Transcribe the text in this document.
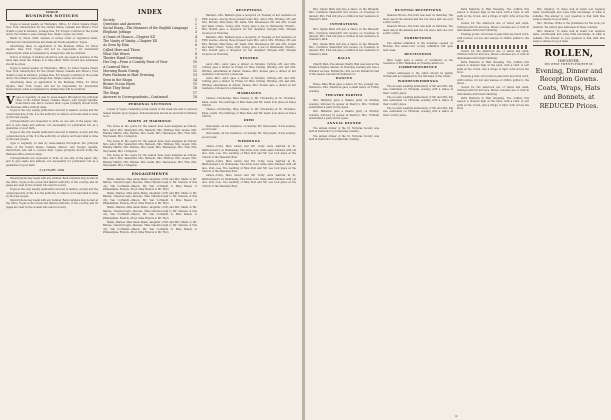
VOGUE
BUSINESS NOTICES

Vogue is issued weekly on Thursdays. Office, 61 Union Square (West) New York. Subscription for the United States, Canada and Mexico, Four dollars a year in advance, postage free. For foreign countries in the postal union, five dollars a year, postage free. Single copies, ten cents.

Remit by check, draft, express or money order or registered letter. Address all communications and make all checks payable to Vogue.

Advertising rates on application to the Business Office, 61 Union Square, New York. Vogue will not be responsible for unsolicited manuscripts; when accompanied by stamps they will be returned.

Notice of change of address should be sent one week in advance of the issue date when the change is to take effect. Both old and new addresses should be given.

Vogue is issued weekly on Thursdays. Office, 61 Union Square (West) New York. Subscription for the United States, Canada and Mexico, Four dollars a year in advance, postage free. For foreign countries in the postal union, five dollars a year, postage free. Single copies, ten cents.

Advertising rates on application to the Business Office, 61 Union Square, New York. Vogue will not be responsible for unsolicited manuscripts; when accompanied by stamps they will be returned.

V ogue is regularly on sale by news-dealers throughout the principal cities of the United States, Canada, Mexico, and foreign capitals. Subscribers who fail to receive their copies promptly should notify the Business Office without delay.

Vogue is the only weekly publication devoted to fashion, society and the ceremonial side of life. It is the authority on what is worn and what is done by the best people.

Correspondents are requested to write on one side of the paper only, and to give name and address, not necessarily for publication but as a guarantee of good faith.

Vogue is the only weekly publication devoted to fashion, society and the ceremonial side of life. It is the authority on what is worn and what is done by the best people.

ogue is regularly on sale by news-dealers throughout the principal cities of the United States, Canada, Mexico, and foreign capitals. Subscribers who fail to receive their copies promptly should notify the Business Office without delay.

Correspondents are requested to write on one side of the paper only, and to give name and address, not necessarily for publication but as a guarantee of good faith.

6 JANUARY, 1894

Subscriptions may begin with any number. Back numbers may be had at the office. Vogue is the social and fashion authority of the country, and its pages are read by the women who lead in society.

Vogue is the only weekly publication devoted to fashion, society and the ceremonial side of life. It is the authority on what is worn and what is done by the best people.

Subscriptions may begin with any number. Back numbers may be had at the office. Vogue is the social and fashion authority of the country, and its pages are read by the women who lead in society.

INDEX
Society	1
Questions and Answers	2
Social Essay—The Manners of the English Language 2
Elephant Jottings	3
A Game of Chance—Chapter XII	4
The Vanity of Vanity—Chapter XII	5
As Seen by Him	6
Called Here and There	7
What She Wears	8
Theatre Hand Coverings	9
Her Day—From a Comedy Point of View	10
A Carnival Wire	11
Morning Room Gossip	12
Paris Fashions in Hair Dressing	13
Seen in the Shops	14
Bruins Ocean Haste	15
What They Read	16
The Stage	17
Answers to Correspondents—Continued	18
PERSONAL SECTIONS

Copies of Vogue containing social events of the week are sent to persons named therein upon request. Announcements should be sent before Monday noon.

BOXES AT HARMONIC

The boxes at the opera for the season have been assigned as follows. Mrs. Astor, Mrs. Vanderbilt, Mrs. Belmont, Mrs. Whitney, Mrs. Goelet, Mrs. Bradley Martin, Mrs. Burden, Mrs. Iselin, Mrs. Havemeyer, Mrs. Fish, Mrs. Stuyvesant, Mrs. Livingston.

The boxes at the opera for the season have been assigned as follows. Mrs. Astor, Mrs. Vanderbilt, Mrs. Belmont, Mrs. Whitney, Mrs. Goelet, Mrs. Bradley Martin, Mrs. Burden, Mrs. Iselin, Mrs. Havemeyer, Mrs. Fish, Mrs. Stuyvesant, Mrs. Livingston.

The boxes at the opera for the season have been assigned as follows. Mrs. Astor, Mrs. Vanderbilt, Mrs. Belmont, Mrs. Whitney, Mrs. Goelet, Mrs. Bradley Martin, Mrs. Burden, Mrs. Iselin, Mrs. Havemeyer, Mrs. Fish, Mrs. Stuyvesant, Mrs. Livingston.

ENGAGEMENTS

Mann—Barnes. Miss Annie Mann, daughter of Mr. and Mrs. Mann, to Mr. Barnes. Clauzborough—Stevens. Miss Clauzborough to Mr. Stevens of this city. Van Cortlandt—Mason. Mr. Van Cortlandt to Miss Mason of Philadelphia. Francis—Hoyt. Miss Francis to Mr. Hoyt.

Mann—Barnes. Miss Annie Mann, daughter of Mr. and Mrs. Mann, to Mr. Barnes. Clauzborough—Stevens. Miss Clauzborough to Mr. Stevens of this city. Van Cortlandt—Mason. Mr. Van Cortlandt to Miss Mason of Philadelphia. Francis—Hoyt. Miss Francis to Mr. Hoyt.

Mann—Barnes. Miss Annie Mann, daughter of Mr. and Mrs. Mann, to Mr. Barnes. Clauzborough—Stevens. Miss Clauzborough to Mr. Stevens of this city. Van Cortlandt—Mason. Mr. Van Cortlandt to Miss Mason of Philadelphia. Francis—Hoyt. Miss Francis to Mr. Hoyt.

Mann—Barnes. Miss Annie Mann, daughter of Mr. and Mrs. Mann, to Mr. Barnes. Clauzborough—Stevens. Miss Clauzborough to Mr. Stevens of this city. Van Cortlandt—Mason. Mr. Van Cortlandt to Miss Mason of Philadelphia. Francis—Hoyt. Miss Francis to Mr. Hoyt.

RECEPTIONS

Baldwin—Mrs. Baldwin gave a reception on Tuesday at her residence in Fifth Avenue. Among those present were Mrs. Astor, Mrs. Whitney, Mr. and Mrs. Burden, Miss Kane, Mr. Iselin, Mrs. Havemeyer, Mr. and Mrs. Goelet and many others. Young—Mrs. Young gave a tea on Wednesday. Hewitt—Mrs. Hewitt gave a reception for her daughter. Morgan—Mrs. Morgan received on Thursday.

Baldwin—Mrs. Baldwin gave a reception on Tuesday at her residence in Fifth Avenue. Among those present were Mrs. Astor, Mrs. Whitney, Mr. and Mrs. Burden, Miss Kane, Mr. Iselin, Mrs. Havemeyer, Mr. and Mrs. Goelet and many others. Young—Mrs. Young gave a tea on Wednesday. Hewitt—Mrs. Hewitt gave a reception for her daughter. Morgan—Mrs. Morgan received on Thursday.

DINNERS

Astor—Mrs. Astor gave a dinner on Monday. Cutting—Mr. and Mrs. Cutting gave a dinner on Friday for Miss Cutting. Whitney—Mr. and Mrs. Whitney entertained at dinner. Sloane—Mrs. Sloane gave a dinner at her residence, followed by a musicale.

Astor—Mrs. Astor gave a dinner on Monday. Cutting—Mr. and Mrs. Cutting gave a dinner on Friday for Miss Cutting. Whitney—Mr. and Mrs. Whitney entertained at dinner. Sloane—Mrs. Sloane gave a dinner at her residence, followed by a musicale.

MARRIAGES

Cheney—Chickering. Miss Cheney to Mr. Chickering at St. Thomas's. Kane—Iselin. The marriage of Miss Kane and Mr. Iselin took place at Grace Church.

Cheney—Chickering. Miss Cheney to Mr. Chickering at St. Thomas's. Kane—Iselin. The marriage of Miss Kane and Mr. Iselin took place at Grace Church.

DIED

Stuyvesant—At his residence, on Sunday, Mr. Stuyvesant, in his seventy-second year.

Stuyvesant—At his residence, on Sunday, Mr. Stuyvesant, in his seventy-second year.

WEDDINGS

Alston—Colby. Miss Alston and Mr. Colby were married at St. Bartholomew's on Wednesday. The bride wore white satin trimmed with old lace. Post—Lee. The wedding of Miss Post and Mr. Lee took place at the Church of the Heavenly Rest.

Alston—Colby. Miss Alston and Mr. Colby were married at St. Bartholomew's on Wednesday. The bride wore white satin trimmed with old lace. Post—Lee. The wedding of Miss Post and Mr. Lee took place at the Church of the Heavenly Rest.

Alston—Colby. Miss Alston and Mr. Colby were married at St. Bartholomew's on Wednesday. The bride wore white satin trimmed with old lace. Post—Lee. The wedding of Miss Post and Mr. Lee took place at the Church of the Heavenly Rest.

Mrs. Ogden Mills will give a dance on the fifteenth. Mrs. Cornelius Vanderbilt will receive on Tuesdays in January. Mrs. Fish will give a cotillion at her residence in Gramercy Park.

INTIMATIONS

Mrs. Ogden Mills will give a dance on the fifteenth. Mrs. Cornelius Vanderbilt will receive on Tuesdays in January. Mrs. Fish will give a cotillion at her residence in Gramercy Park.

Mrs. Ogden Mills will give a dance on the fifteenth. Mrs. Cornelius Vanderbilt will receive on Tuesdays in January. Mrs. Fish will give a cotillion at her residence in Gramercy Park.

BALLS

Charity Ball—The annual Charity Ball was held at the Madison Square Garden on Thursday evening and was a brilliant success. Patriarchs—The second Patriarchs ball of the season was held at Delmonico's.

DANCES

Rives—Miss Rives gave a dance for the younger set. Dinsmore—Mrs. Dinsmore gave a small dance on Friday evening.

THEATRE PARTIES

Mrs. Hamilton gave a theatre party on Monday evening, followed by supper at Sherry's. Mrs. Turnbull entertained a party at the opera.

Mrs. Hamilton gave a theatre party on Monday evening, followed by supper at Sherry's. Mrs. Turnbull entertained a party at the opera.

ANNUAL DINNER

The annual dinner of the St. Nicholas Society was held at Delmonico's on Saturday evening.

The annual dinner of the St. Nicholas Society was held at Delmonico's on Saturday evening.

HUNTING RECEPTIONS

Meadow Brook—The hunt was held on Saturday. The meet was at the kennels and the run was a fast one over a stiff country.

Meadow Brook—The hunt was held on Saturday. The meet was at the kennels and the run was a fast one over a stiff country.

EXHIBITIONS

The annual exhibition of the Academy opened on Monday. The water-color society exhibition will open next week.

RECITATIONS

Miss Leigh gave a series of recitations at the residence of Mrs. Beekman on Tuesday afternoon.

CORRESPONDENCE

Letters addressed to the editor should be plainly written and accompanied by the full name of the writer.

WOODENWEDDINGS

The wooden wedding anniversary of Mr. and Mrs. Kip was celebrated on Thursday evening with a dance at their country place.

The wooden wedding anniversary of Mr. and Mrs. Kip was celebrated on Thursday evening with a dance at their country place.

The wooden wedding anniversary of Mr. and Mrs. Kip was celebrated on Thursday evening with a dance at their country place.

Paris Fashions in Hair Dressing. The coiffure this season is dressed high at the back, with a twist of soft puffs at the crown, and a fringe of light curls across the brow.

Gowns for the afternoon are of velvet and satin, trimmed with fur and lace. Street costumes are of cloth in dark shades with braid trimming.

Evening gowns of brocade in pale tints are much worn, with bodices cut low and sleeves of chiffon puffed to the elbow.

Gowns for the afternoon are of velvet and satin, trimmed with fur and lace. Street costumes are of cloth in dark shades with braid trimming.

Paris Fashions in Hair Dressing. The coiffure this season is dressed high at the back, with a twist of soft puffs at the crown, and a fringe of light curls across the brow.

Evening gowns of brocade in pale tints are much worn, with bodices cut low and sleeves of chiffon puffed to the elbow.

Gowns for the afternoon are of velvet and satin, trimmed with fur and lace. Street costumes are of cloth in dark shades with braid trimming.

Paris Fashions in Hair Dressing. The coiffure this season is dressed high at the back, with a twist of soft puffs at the crown, and a fringe of light curls across the brow.

Mrs. Sheldon. To dress well at small cost requires taste, forethought and some little knowledge of what is suitable. The answer to your question is that dark blue serge is always in good taste.

Mrs. Thoreau. Write to the publishers for the book you mention. We cannot give addresses in these columns.

Mrs. Sheldon. To dress well at small cost requires taste, forethought and some little knowledge of what is suitable. The answer to your question is that dark blue serge is always in good taste.

ROLLEN,
IMPORTER,
385 WEST TWENTY-FOURTH ST.
Evening, Dinner and
Reception Gowns.
Coats, Wraps, Hats
and Bonnets, at
REDUCED Prices.
iii
